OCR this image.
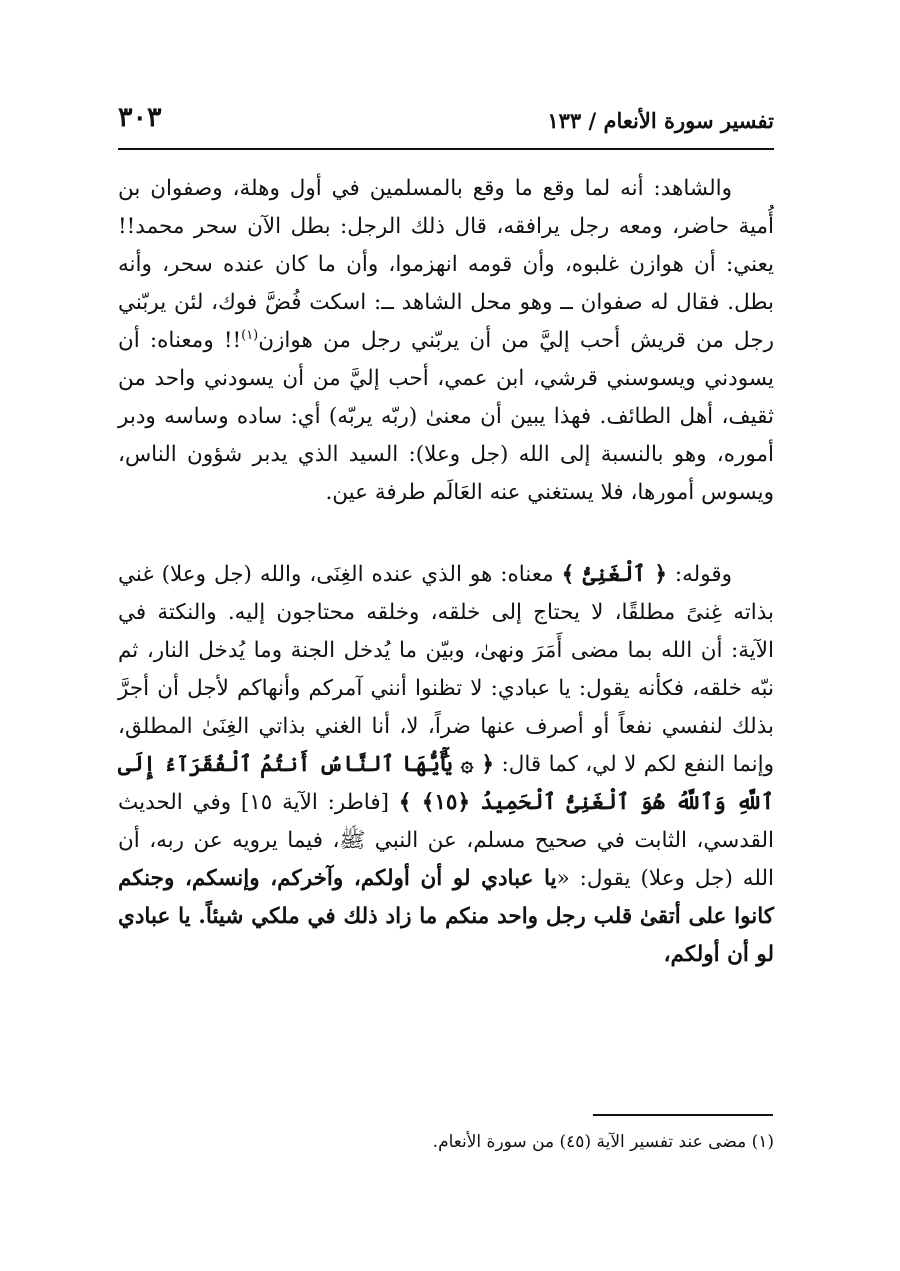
تفسير سورة الأنعام / ١٣٣
٣٠٣

والشاهد: أنه لما وقع ما وقع بالمسلمين في أول وهلة، وصفوان بن أُمية حاضر، ومعه رجل يرافقه، قال ذلك الرجل: بطل الآن سحر محمد!! يعني: أن هوازن غلبوه، وأن قومه انهزموا، وأن ما كان عنده سحر، وأنه بطل. فقال له صفوان ــ وهو محل الشاهد ــ: اسكت فُضَّ فوك، لئن يربّني رجل من قريش أحب إليَّ من أن يربّني رجل من هوازن$^{(١)}$!! ومعناه: أن يسودني ويسوسني قرشي، ابن عمي، أحب إليَّ من أن يسودني واحد من ثقيف، أهل الطائف. فهذا يبين أن معنىٰ (ربّه يربّه) أي: ساده وساسه ودبر أموره، وهو بالنسبة إلى الله (جل وعلا): السيد الذي يدبر شؤون الناس، ويسوس أمورها، فلا يستغني عنه العَالَم طرفة عين.

وقوله: ﴿ ٱلْغَنِىُّ ﴾ معناه: هو الذي عنده الغِنَى، والله (جل وعلا) غني بذاته غِنىً مطلقًا، لا يحتاج إلى خلقه، وخلقه محتاجون إليه. والنكتة في الآية: أن الله بما مضى أَمَرَ ونهىٰ، وبيّن ما يُدخل الجنة وما يُدخل النار، ثم نبّه خلقه، فكأنه يقول: يا عبادي: لا تظنوا أنني آمركم وأنهاكم لأجل أن أجرَّ بذلك لنفسي نفعاً أو أصرف عنها ضراً، لا، أنا الغني بذاتي الغِنَىٰ المطلق، وإنما النفع لكم لا لي، كما قال: ﴿ ۞ يَٰٓأَيُّهَا ٱلنَّاسُ أَنتُمُ ٱلْفُقَرَآءُ إِلَى ٱللَّهِ وَٱللَّهُ هُوَ ٱلْغَنِىُّ ٱلْحَمِيدُ ﴿١٥﴾ ﴾ [فاطر: الآية ١٥] وفي الحديث القدسي، الثابت في صحيح مسلم، عن النبي ﷺ، فيما يرويه عن ربه، أن الله (جل وعلا) يقول: «يا عبادي لو أن أولكم، وآخركم، وإنسكم، وجنكم كانوا على أتقىٰ قلب رجل واحد منكم ما زاد ذلك في ملكي شيئاً. يا عبادي لو أن أولكم،

(١) مضى عند تفسير الآية (٤٥) من سورة الأنعام.
